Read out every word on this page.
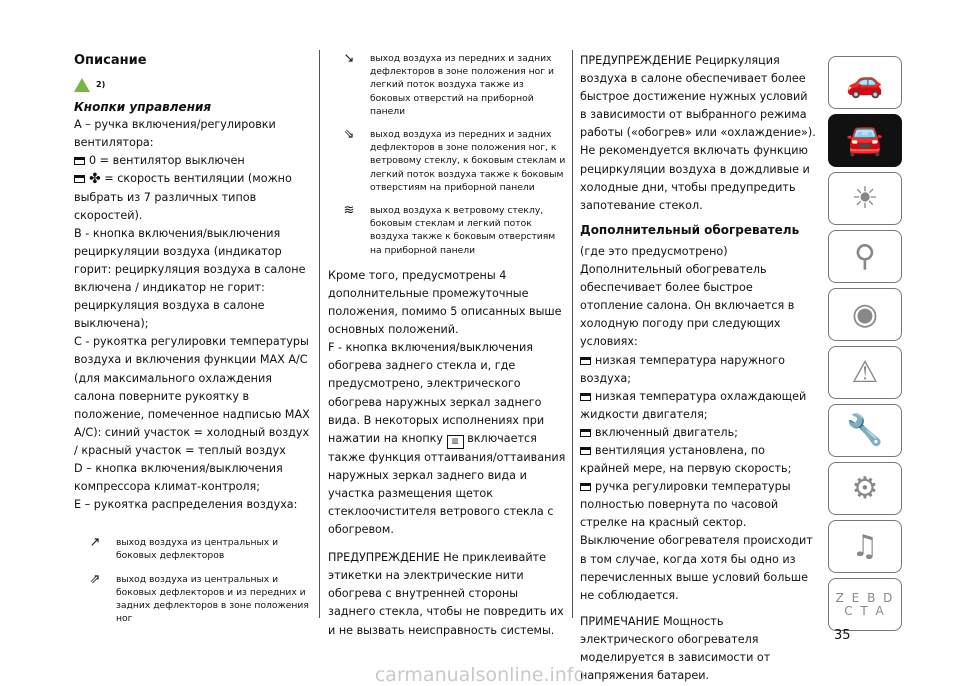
Описание
2)
Кнопки управления

А – ручка включения/регулировки вентилятора:

0 = вентилятор выключен

✤ = скорость вентиляции (можно выбрать из 7 различных типов скоростей).

В - кнопка включения/выключения рециркуляции воздуха (индикатор горит: рециркуляция воздуха в салоне включена / индикатор не горит: рециркуляция воздуха в салоне выключена);

С - рукоятка регулировки температуры воздуха и включения функции MAX A/C (для максимального охлаждения салона поверните рукоятку в положение, помеченное надписью MAX A/C): синий участок = холодный воздух / красный участок = теплый воздух

D – кнопка включения/выключения компрессора климат-контроля;

Е – рукоятка распределения воздуха:

↗	выход воздуха из центральных и боковых дефлекторов
⇗	выход воздуха из центральных и боковых дефлекторов и из передних и задних дефлекторов в зоне положения ног
↘	выход воздуха из передних и задних дефлекторов в зоне положения ног и легкий поток воздуха также из боковых отверстий на приборной панели
⇘	выход воздуха из передних и задних дефлекторов в зоне положения ног, к ветровому стеклу, к боковым стеклам и легкий поток воздуха также к боковым отверстиям на приборной панели
≋	выход воздуха к ветровому стеклу, боковым стеклам и легкий поток воздуха также к боковым отверстиям на приборной панели

Кроме того, предусмотрены 4 дополнительные промежуточные положения, помимо 5 описанных выше основных положений.

F - кнопка включения/выключения обогрева заднего стекла и, где предусмотрено, электрического обогрева наружных зеркал заднего вида. В некоторых исполнениях при нажатии на кнопку ▥ включается также функция оттаивания/оттаивания наружных зеркал заднего вида и участка размещения щеток стеклоочистителя ветрового стекла с обогревом.

ПРЕДУПРЕЖДЕНИЕ Не приклеивайте этикетки на электрические нити обогрева с внутренней стороны заднего стекла, чтобы не повредить их и не вызвать неисправность системы.

ПРЕДУПРЕЖДЕНИЕ Рециркуляция воздуха в салоне обеспечивает более быстрое достижение нужных условий в зависимости от выбранного режима работы («обогрев» или «охлаждение»). Не рекомендуется включать функцию рециркуляции воздуха в дождливые и холодные дни, чтобы предупредить запотевание стекол.

Дополнительный обогреватель

(где это предусмотрено)

Дополнительный обогреватель обеспечивает более быстрое отопление салона. Он включается в холодную погоду при следующих условиях:

низкая температура наружного воздуха;

низкая температура охлаждающей жидкости двигателя;

включенный двигатель;

вентиляция установлена, по крайней мере, на первую скорость;

ручка регулировки температуры полностью повернута по часовой стрелке на красный сектор.

Выключение обогревателя происходит в том случае, когда хотя бы одно из перечисленных выше условий больше не соблюдается.

ПРИМЕЧАНИЕ Мощность электрического обогревателя моделируется в зависимости от напряжения батареи.

🚗
🚘
☀
⚲
◉
⚠
🔧
⚙
♫
Z E B D C T A
35
carmanualsonline.info
